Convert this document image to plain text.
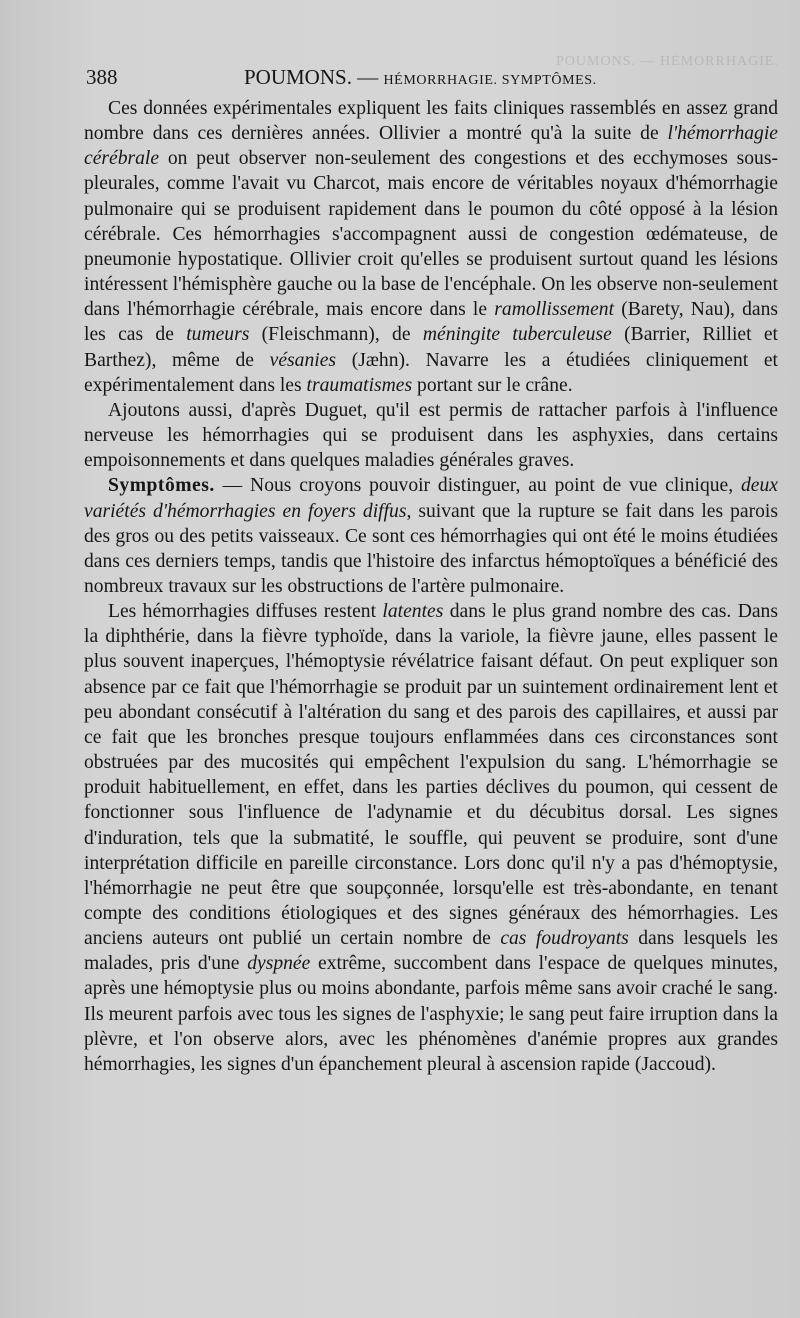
POUMONS. — HÉMORRHAGIE.
388	POUMONS. — HÉMORRHAGIE. SYMPTÔMES.

Ces données expérimentales expliquent les faits cliniques rassemblés en assez grand nombre dans ces dernières années. Ollivier a montré qu'à la suite de l'hémorrhagie cérébrale on peut observer non-seulement des congestions et des ecchymoses sous-pleurales, comme l'avait vu Charcot, mais encore de véritables noyaux d'hémorrhagie pulmonaire qui se produisent rapidement dans le poumon du côté opposé à la lésion cérébrale. Ces hémorrhagies s'accompagnent aussi de congestion œdémateuse, de pneumonie hypostatique. Ollivier croit qu'elles se produisent surtout quand les lésions intéressent l'hémisphère gauche ou la base de l'encéphale. On les observe non-seulement dans l'hémorrhagie cérébrale, mais encore dans le ramollissement (Barety, Nau), dans les cas de tumeurs (Fleischmann), de méningite tuberculeuse (Barrier, Rilliet et Barthez), même de vésanies (Jæhn). Navarre les a étudiées cliniquement et expérimentalement dans les traumatismes portant sur le crâne.

Ajoutons aussi, d'après Duguet, qu'il est permis de rattacher parfois à l'influence nerveuse les hémorrhagies qui se produisent dans les asphyxies, dans certains empoisonnements et dans quelques maladies générales graves.

Symptômes. — Nous croyons pouvoir distinguer, au point de vue clinique, deux variétés d'hémorrhagies en foyers diffus, suivant que la rupture se fait dans les parois des gros ou des petits vaisseaux. Ce sont ces hémorrhagies qui ont été le moins étudiées dans ces derniers temps, tandis que l'histoire des infarctus hémoptoïques a bénéficié des nombreux travaux sur les obstructions de l'artère pulmonaire.

Les hémorrhagies diffuses restent latentes dans le plus grand nombre des cas. Dans la diphthérie, dans la fièvre typhoïde, dans la variole, la fièvre jaune, elles passent le plus souvent inaperçues, l'hémoptysie révélatrice faisant défaut. On peut expliquer son absence par ce fait que l'hémorrhagie se produit par un suintement ordinairement lent et peu abondant consécutif à l'altération du sang et des parois des capillaires, et aussi par ce fait que les bronches presque toujours enflammées dans ces circonstances sont obstruées par des mucosités qui empêchent l'expulsion du sang. L'hémorrhagie se produit habituellement, en effet, dans les parties déclives du poumon, qui cessent de fonctionner sous l'influence de l'adynamie et du décubitus dorsal. Les signes d'induration, tels que la submatité, le souffle, qui peuvent se produire, sont d'une interprétation difficile en pareille circonstance. Lors donc qu'il n'y a pas d'hémoptysie, l'hémorrhagie ne peut être que soupçonnée, lorsqu'elle est très-abondante, en tenant compte des conditions étiologiques et des signes généraux des hémorrhagies. Les anciens auteurs ont publié un certain nombre de cas foudroyants dans lesquels les malades, pris d'une dyspnée extrême, succombent dans l'espace de quelques minutes, après une hémoptysie plus ou moins abondante, parfois même sans avoir craché le sang. Ils meurent parfois avec tous les signes de l'asphyxie; le sang peut faire irruption dans la plèvre, et l'on observe alors, avec les phénomènes d'anémie propres aux grandes hémorrhagies, les signes d'un épanchement pleural à ascension rapide (Jaccoud).
